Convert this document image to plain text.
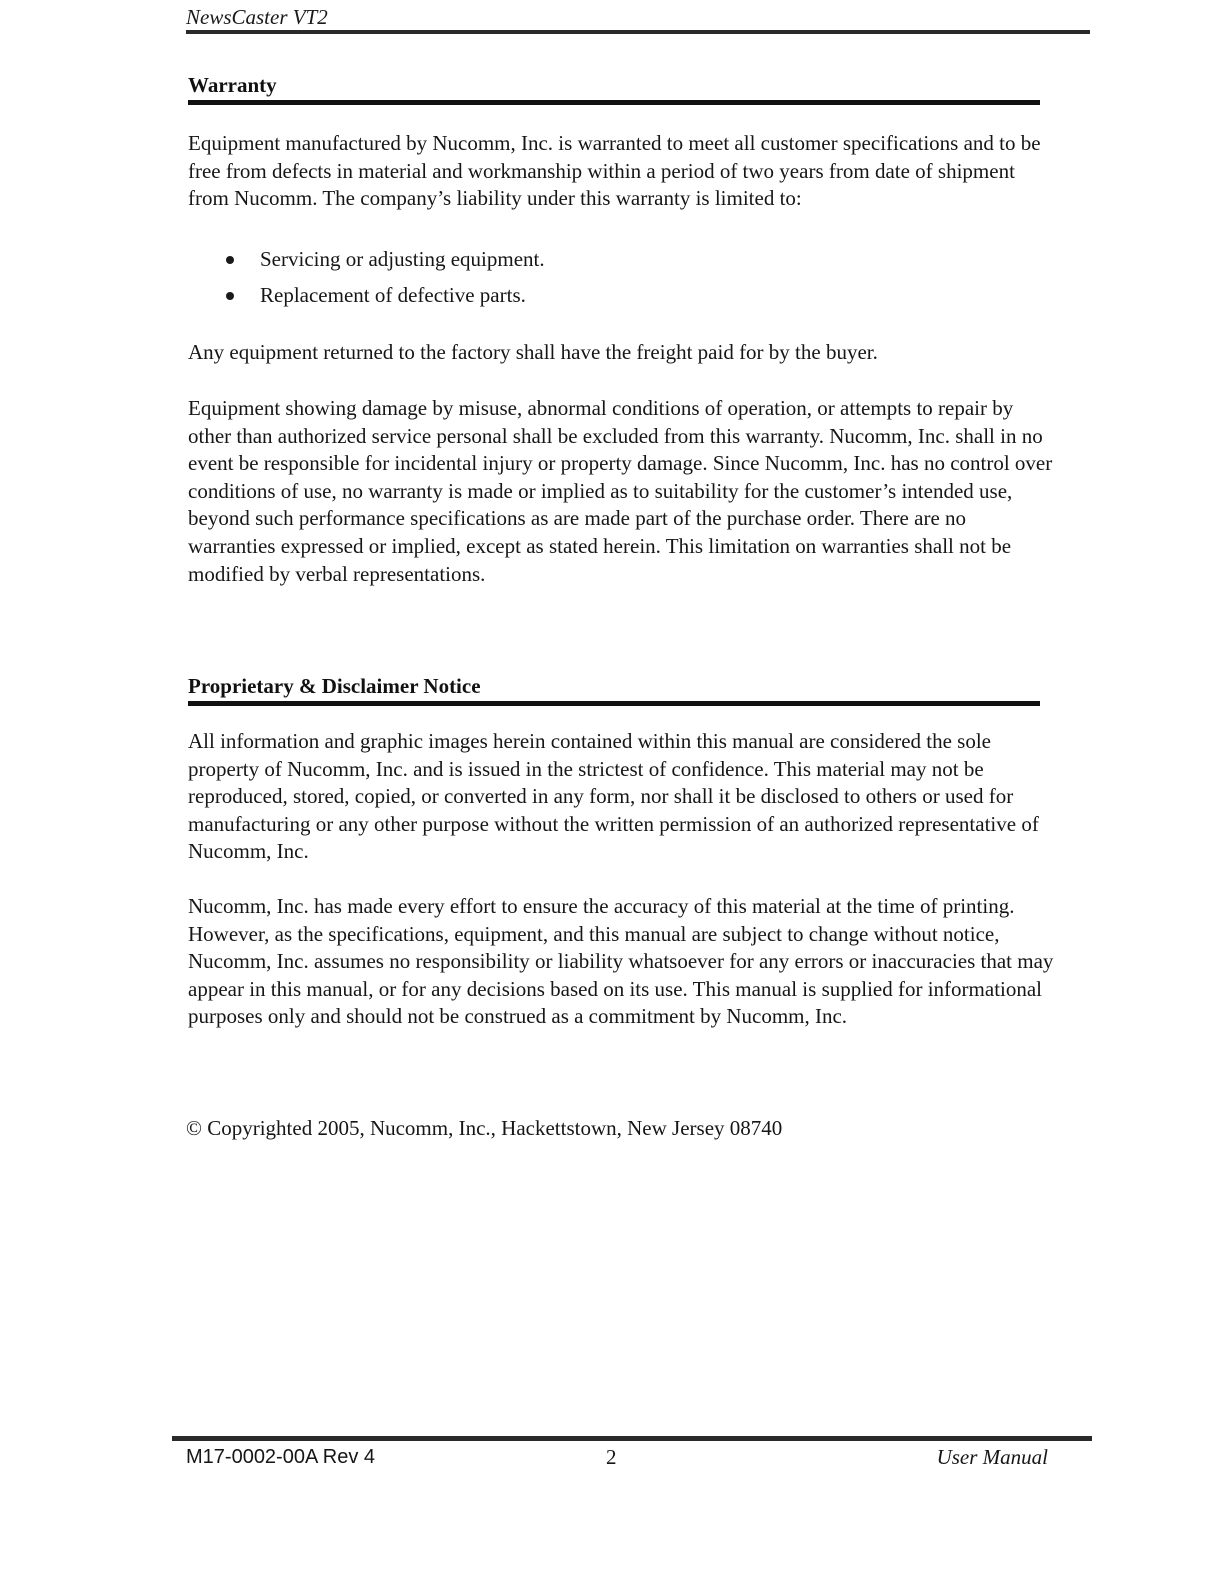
NewsCaster VT2
Warranty

Equipment manufactured by Nucomm, Inc. is warranted to meet all customer specifications and to be free from defects in material and workmanship within a period of two years from date of shipment from Nucomm. The company’s liability under this warranty is limited to:

Servicing or adjusting equipment.
Replacement of defective parts.

Any equipment returned to the factory shall have the freight paid for by the buyer.

Equipment showing damage by misuse, abnormal conditions of operation, or attempts to repair by other than authorized service personal shall be excluded from this warranty. Nucomm, Inc. shall in no event be responsible for incidental injury or property damage. Since Nucomm, Inc. has no control over conditions of use, no warranty is made or implied as to suitability for the customer’s intended use, beyond such performance specifications as are made part of the purchase order. There are no warranties expressed or implied, except as stated herein. This limitation on warranties shall not be modified by verbal representations.

Proprietary & Disclaimer Notice

All information and graphic images herein contained within this manual are considered the sole property of Nucomm, Inc. and is issued in the strictest of confidence. This material may not be reproduced, stored, copied, or converted in any form, nor shall it be disclosed to others or used for manufacturing or any other purpose without the written permission of an authorized representative of Nucomm, Inc.

Nucomm, Inc. has made every effort to ensure the accuracy of this material at the time of printing. However, as the specifications, equipment, and this manual are subject to change without notice, Nucomm, Inc. assumes no responsibility or liability whatsoever for any errors or inaccuracies that may appear in this manual, or for any decisions based on its use. This manual is supplied for informational purposes only and should not be construed as a commitment by Nucomm, Inc.

© Copyrighted 2005, Nucomm, Inc., Hackettstown, New Jersey 08740
M17-0002-00A Rev 4	2	User Manual
